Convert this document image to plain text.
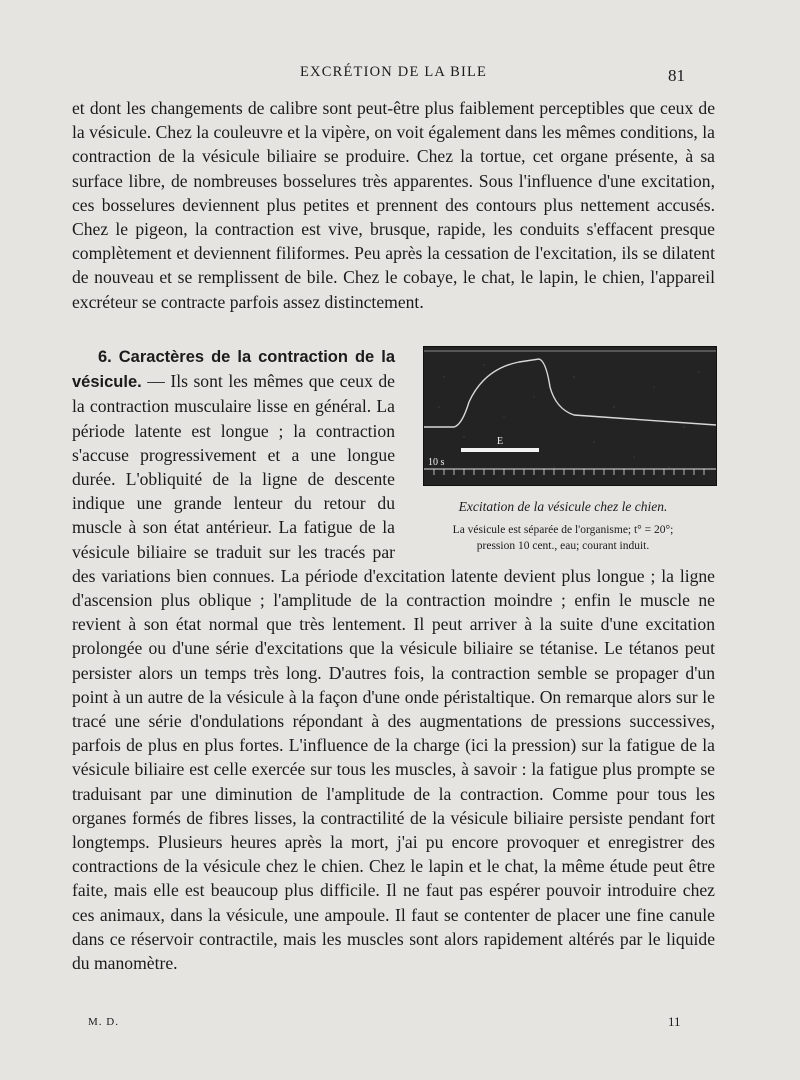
EXCRÉTION DE LA BILE	81
et dont les changements de calibre sont peut-être plus faiblement perceptibles que ceux de la vésicule. Chez la couleuvre et la vipère, on voit également dans les mêmes conditions, la contraction de la vésicule biliaire se produire. Chez la tortue, cet organe présente, à sa surface libre, de nombreuses bosselures très apparentes. Sous l'influence d'une excitation, ces bosselures deviennent plus petites et prennent des contours plus nettement accusés. Chez le pigeon, la contraction est vive, brusque, rapide, les conduits s'effacent presque complètement et deviennent filiformes. Peu après la cessation de l'excitation, ils se dilatent de nouveau et se remplissent de bile. Chez le cobaye, le chat, le lapin, le chien, l'appareil excréteur se contracte parfois assez distinctement.
E
10 s
Excitation de la vésicule chez le chien.
La vésicule est séparée de l'organisme; t° = 20°;
pression 10 cent., eau; courant induit.
6. Caractères de la contraction de la vésicule. — Ils sont les mêmes que ceux de la contraction musculaire lisse en général. La période latente est longue ; la contraction s'accuse progressivement et a une longue durée. L'obliquité de la ligne de descente indique une grande lenteur du retour du muscle à son état antérieur. La fatigue de la vésicule biliaire se traduit sur les tracés par des variations bien connues. La période d'excitation latente devient plus longue ; la ligne d'ascension plus oblique ; l'amplitude de la contraction moindre ; enfin le muscle ne revient à son état normal que très lentement. Il peut arriver à la suite d'une excitation prolongée ou d'une série d'excitations que la vésicule biliaire se tétanise. Le tétanos peut persister alors un temps très long. D'autres fois, la contraction semble se propager d'un point à un autre de la vésicule à la façon d'une onde péristaltique. On remarque alors sur le tracé une série d'ondulations répondant à des augmentations de pressions successives, parfois de plus en plus fortes. L'influence de la charge (ici la pression) sur la fatigue de la vésicule biliaire est celle exercée sur tous les muscles, à savoir : la fatigue plus prompte se traduisant par une diminution de l'amplitude de la contraction. Comme pour tous les organes formés de fibres lisses, la contractilité de la vésicule biliaire persiste pendant fort longtemps. Plusieurs heures après la mort, j'ai pu encore provoquer et enregistrer des contractions de la vésicule chez le chien. Chez le lapin et le chat, la même étude peut être faite, mais elle est beaucoup plus difficile. Il ne faut pas espérer pouvoir introduire chez ces animaux, dans la vésicule, une ampoule. Il faut se contenter de placer une fine canule dans ce réservoir contractile, mais les muscles sont alors rapidement altérés par le liquide du manomètre.
M. D.	11
